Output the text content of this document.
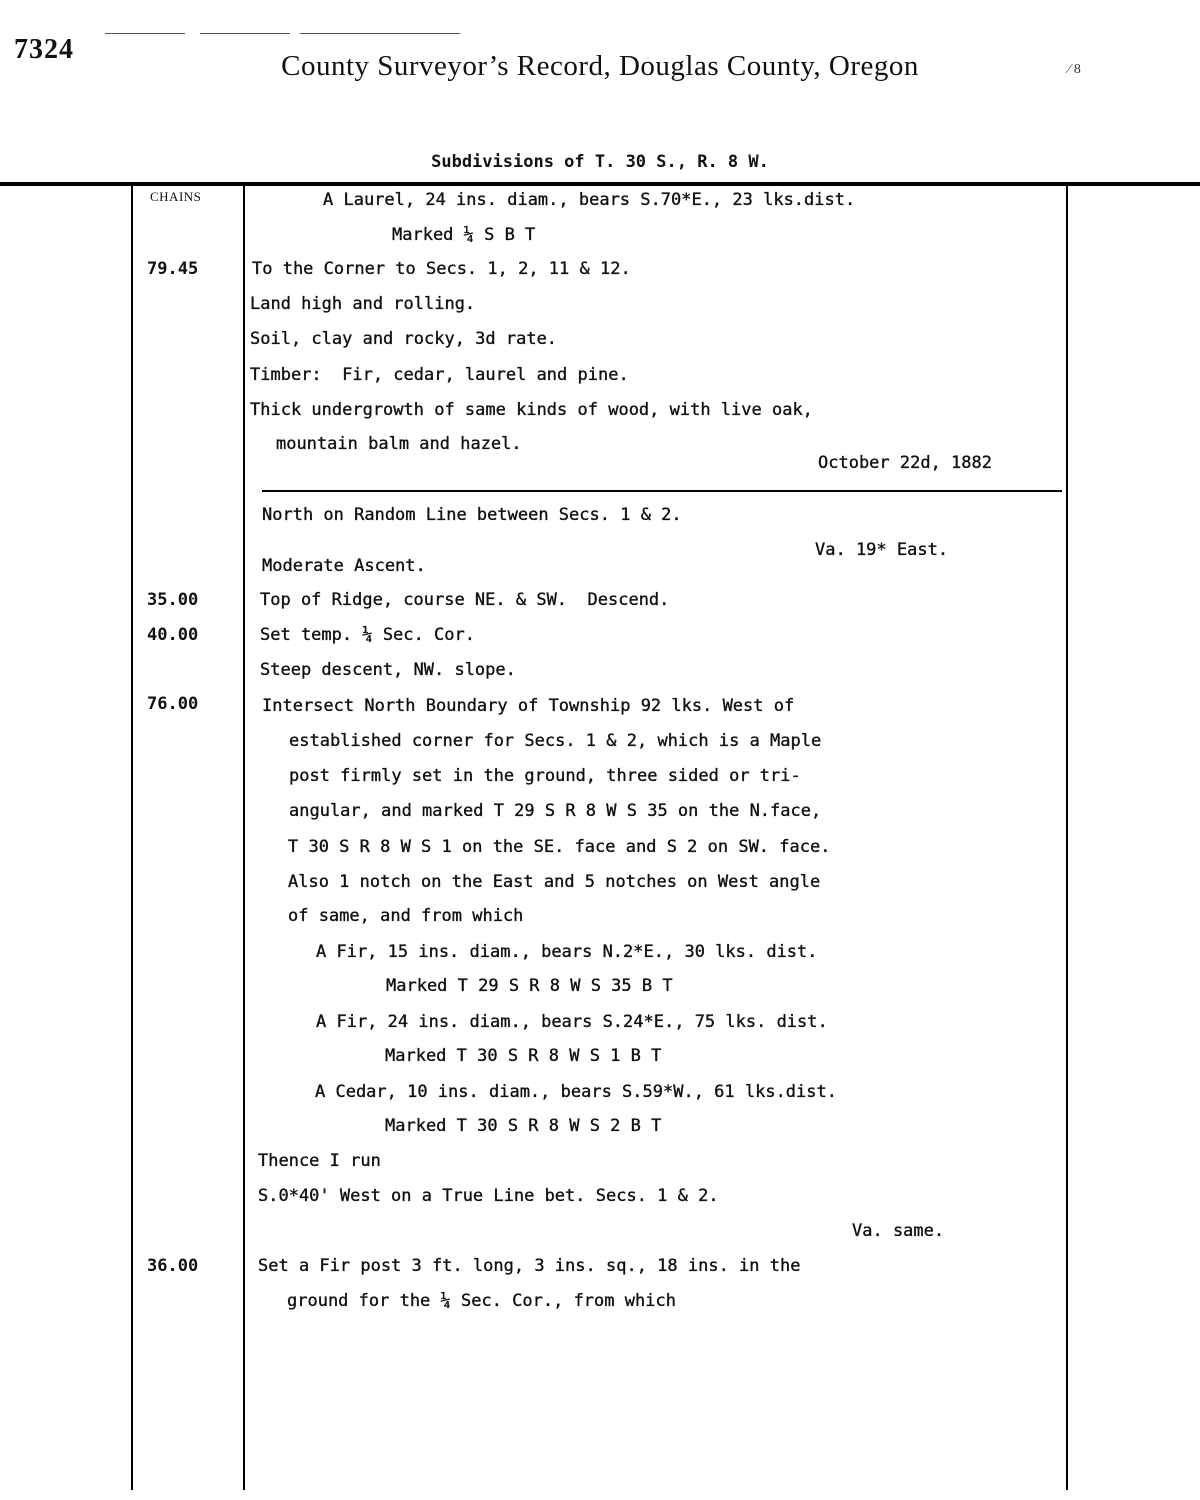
7324
County Surveyor’s Record, Douglas County, Oregon	⁄ 8
Subdivisions of T. 30 S., R. 8 W.
CHAINS
79.45
35.00
40.00
76.00
36.00
A Laurel, 24 ins. diam., bears S.70*E., 23 lks.dist.
Marked ¼ S B T
To the Corner to Secs. 1, 2, 11 & 12.
Land high and rolling.
Soil, clay and rocky, 3d rate.
Timber:  Fir, cedar, laurel and pine.
Thick undergrowth of same kinds of wood, with live oak,
mountain balm and hazel.
October 22d, 1882
North on Random Line between Secs. 1 & 2.
Va. 19* East.
Moderate Ascent.
Top of Ridge, course NE. & SW.  Descend.
Set temp. ¼ Sec. Cor.
Steep descent, NW. slope.
Intersect North Boundary of Township 92 lks. West of
established corner for Secs. 1 & 2, which is a Maple
post firmly set in the ground, three sided or tri-
angular, and marked T 29 S R 8 W S 35 on the N.face,
T 30 S R 8 W S 1 on the SE. face and S 2 on SW. face.
Also 1 notch on the East and 5 notches on West angle
of same, and from which
A Fir, 15 ins. diam., bears N.2*E., 30 lks. dist.
Marked T 29 S R 8 W S 35 B T
A Fir, 24 ins. diam., bears S.24*E., 75 lks. dist.
Marked T 30 S R 8 W S 1 B T
A Cedar, 10 ins. diam., bears S.59*W., 61 lks.dist.
Marked T 30 S R 8 W S 2 B T
Thence I run
S.0*40' West on a True Line bet. Secs. 1 & 2.
Va. same.
Set a Fir post 3 ft. long, 3 ins. sq., 18 ins. in the
ground for the ¼ Sec. Cor., from which
